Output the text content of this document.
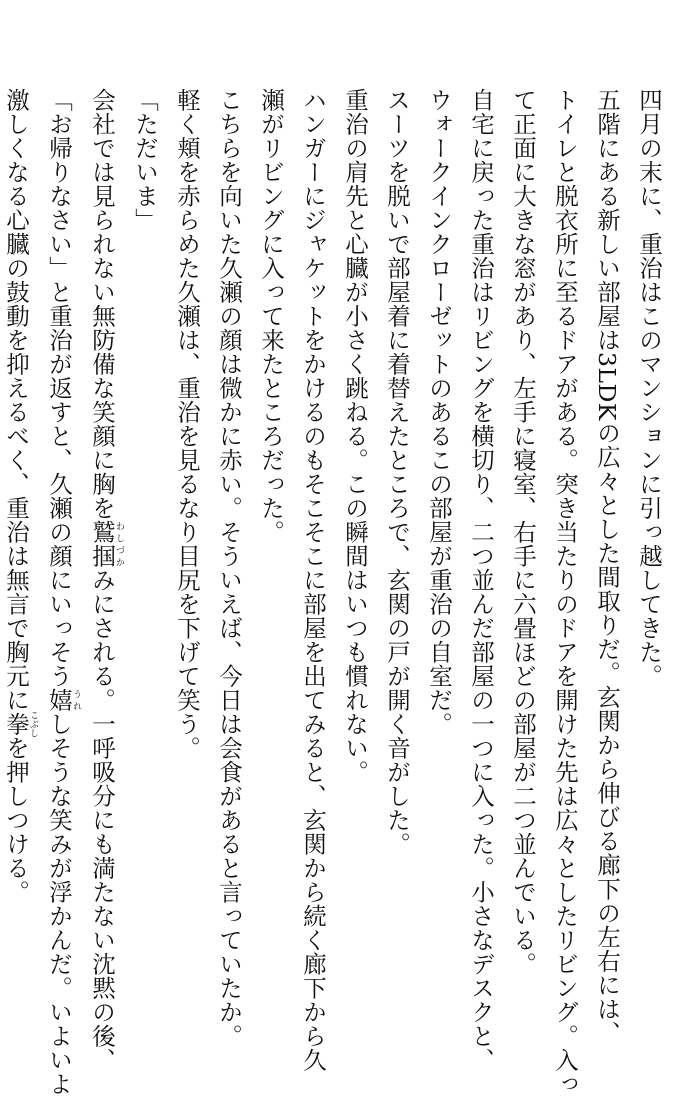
四月の末に、重治はこのマンションに引っ越してきた。

五階にある新しい部屋は3LDKの広々とした間取りだ。玄関から伸びる廊下の左右には、

トイレと脱衣所に至るドアがある。突き当たりのドアを開けた先は広々としたリビング。入っ

て正面に大きな窓があり、左手に寝室、右手に六畳ほどの部屋が二つ並んでいる。

自宅に戻った重治はリビングを横切り、二つ並んだ部屋の一つに入った。小さなデスクと、

ウォークインクローゼットのあるこの部屋が重治の自室だ。

スーツを脱いで部屋着に着替えたところで、玄関の戸が開く音がした。

重治の肩先と心臓が小さく跳ねる。この瞬間はいつも慣れない。

ハンガーにジャケットをかけるのもそこそこに部屋を出てみると、玄関から続く廊下から久

瀬がリビングに入って来たところだった。

こちらを向いた久瀬の顔は微かに赤い。そういえば、今日は会食があると言っていたか。

軽く頬を赤らめた久瀬は、重治を見るなり目尻を下げて笑う。

「ただいま」

会社では見られない無防備な笑顔に胸を鷲掴わしづかみにされる。一呼吸分にも満たない沈黙の後、

「お帰りなさい」と重治が返すと、久瀬の顔にいっそう嬉うれしそうな笑みが浮かんだ。いよいよ

激しくなる心臓の鼓動を抑えるべく、重治は無言で胸元に拳こぶしを押しつける。
